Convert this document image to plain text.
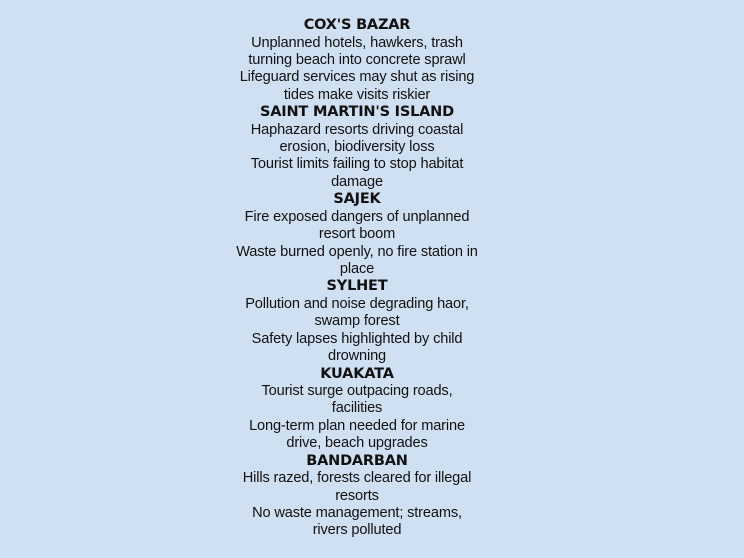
COX'S BAZAR

Unplanned hotels, hawkers, trash turning beach into concrete sprawl

Lifeguard services may shut as rising tides make visits riskier

SAINT MARTIN'S ISLAND

Haphazard resorts driving coastal erosion, biodiversity loss

Tourist limits failing to stop habitat damage

SAJEK

Fire exposed dangers of unplanned resort boom

Waste burned openly, no fire station in place

SYLHET

Pollution and noise degrading haor, swamp forest

Safety lapses highlighted by child drowning

KUAKATA

Tourist surge outpacing roads, facilities

Long-term plan needed for marine drive, beach upgrades

BANDARBAN

Hills razed, forests cleared for illegal resorts

No waste management; streams, rivers polluted
